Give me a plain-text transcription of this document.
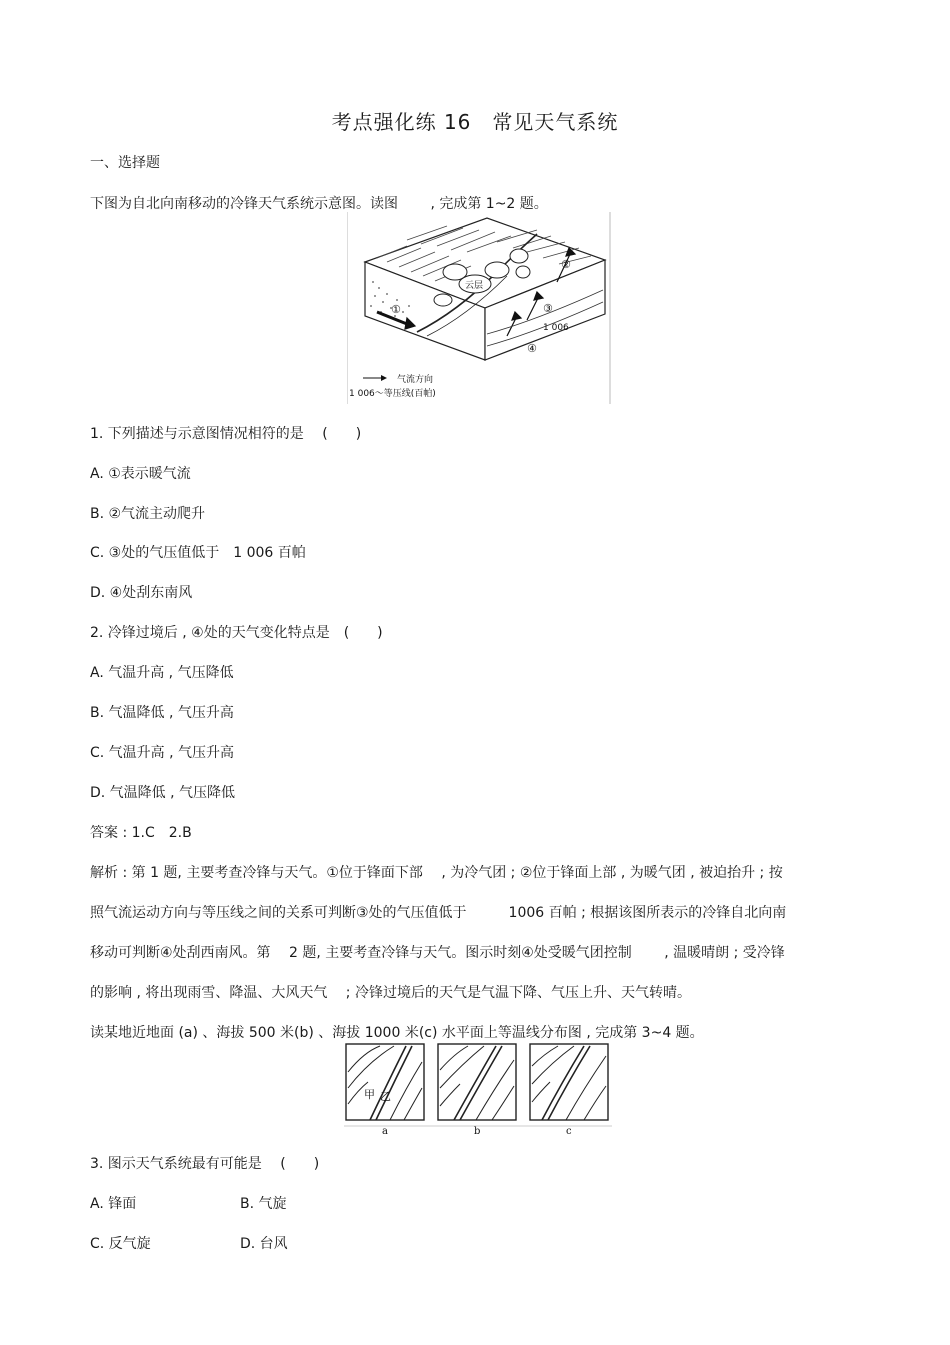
考点强化练 16　常见天气系统
一、选择题
下图为自北向南移动的冷锋天气系统示意图。读图　　 , 完成第 1~2 题。
云层
1 006
①
②
③
④
气流方向
1 006～等压线(百帕)
1. 下列描述与示意图情况相符的是　 (　　)
A. ①表示暖气流
B. ②气流主动爬升
C. ③处的气压值低于　1 006 百帕
D. ④处刮东南风
2. 冷锋过境后 , ④处的天气变化特点是　(　　)
A. 气温升高 , 气压降低
B. 气温降低 , 气压升高
C. 气温升高 , 气压升高
D. 气温降低 , 气压降低
答案 : 1.C　2.B
解析 : 第 1 题, 主要考查冷锋与天气。①位于锋面下部　 , 为冷气团 ; ②位于锋面上部 , 为暖气团 , 被迫抬升 ; 按
照气流运动方向与等压线之间的关系可判断③处的气压值低于　　　1006 百帕 ; 根据该图所表示的冷锋自北向南
移动可判断④处刮西南风。第　 2 题, 主要考查冷锋与天气。图示时刻④处受暖气团控制　　 , 温暖晴朗 ; 受冷锋
的影响 , 将出现雨雪、降温、大风天气　 ; 冷锋过境后的天气是气温下降、气压上升、天气转晴。
读某地近地面 (a) 、海拔 500 米(b) 、海拔 1000 米(c) 水平面上等温线分布图 , 完成第 3~4 题。
甲 乙
a	b	c
3. 图示天气系统最有可能是　 (　　)
A. 锋面	B. 气旋
C. 反气旋	D. 台风
